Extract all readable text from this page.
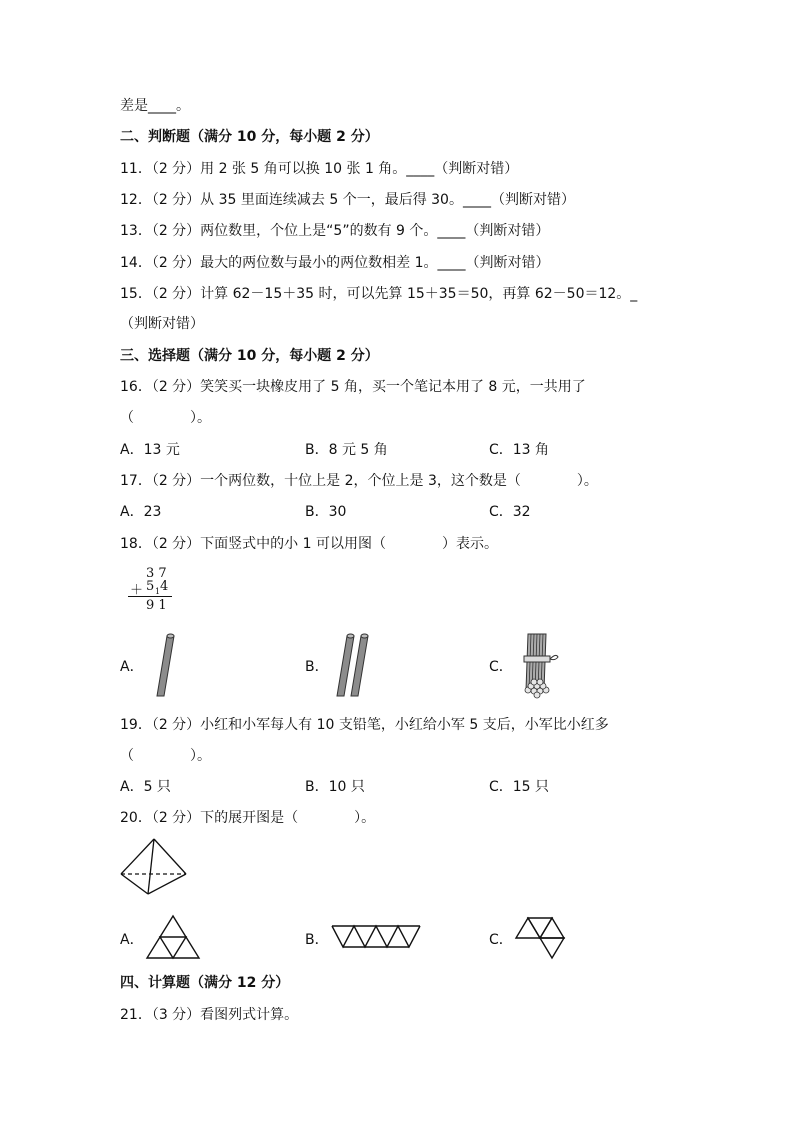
差是____。
二、判断题（满分 10 分，每小题 2 分）
11．（2 分）用 2 张 5 角可以换 10 张 1 角。____（判断对错）
12．（2 分）从 35 里面连续减去 5 个一，最后得 30。____（判断对错）
13．（2 分）两位数里，个位上是“5”的数有 9 个。____（判断对错）
14．（2 分）最大的两位数与最小的两位数相差 1。____（判断对错）
15．（2 分）计算 62－15＋35 时，可以先算 15＋35＝50，再算 62－50＝12。_
（判断对错）
三、选择题（满分 10 分，每小题 2 分）
16．（2 分）笑笑买一块橡皮用了 5 角，买一个笔记本用了 8 元，一共用了
（　　　　）。
A．13 元	B．8 元 5 角	C．13 角
17．（2 分）一个两位数，十位上是 2，个位上是 3，这个数是（　　　　）。
A．23	B．30	C．32
18．（2 分）下面竖式中的小 1 可以用图（　　　　）表示。
3 7
＋ 5 1 4
9 1
A．	B．	C．
19．（2 分）小红和小军每人有 10 支铅笔，小红给小军 5 支后，小军比小红多
（　　　　）。
A．5 只	B．10 只	C．15 只
20．（2 分）下的展开图是（　　　　）。
A．	B．	C．
四、计算题（满分 12 分）
21．（3 分）看图列式计算。
